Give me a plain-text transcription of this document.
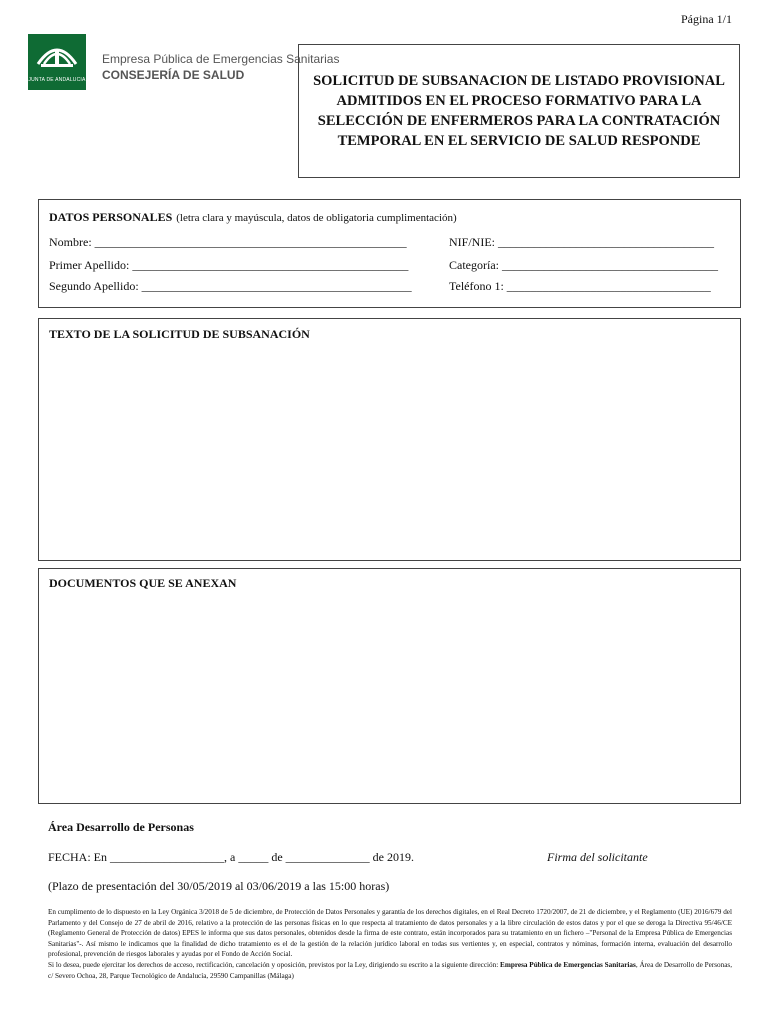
Página 1/1
JUNTA DE ANDALUCIA
Empresa Pública de Emergencias Sanitarias
CONSEJERÍA DE SALUD	SOLICITUD DE SUBSANACION DE LISTADO PROVISIONAL ADMITIDOS EN EL PROCESO FORMATIVO PARA LA SELECCIÓN DE ENFERMEROS PARA LA CONTRATACIÓN TEMPORAL EN EL SERVICIO DE SALUD RESPONDE
DATOS PERSONALES (letra clara y mayúscula, datos de obligatoria cumplimentación)
Nombre: ____________________________________________________	NIF/NIE: ____________________________________
Primer Apellido: ______________________________________________	Categoría: ____________________________________
Segundo Apellido: _____________________________________________	Teléfono 1: __________________________________
TEXTO DE LA SOLICITUD DE SUBSANACIÓN
DOCUMENTOS QUE SE ANEXAN
Área Desarrollo de Personas
FECHA: En ___________________, a _____ de ______________ de 2019.	Firma del solicitante
(Plazo de presentación del 30/05/2019 al 03/06/2019 a las 15:00 horas)
En cumplimento de lo dispuesto en la Ley Orgánica 3/2018 de 5 de diciembre, de Protección de Datos Personales y garantía de los derechos digitales, en el Real Decreto 1720/2007, de 21 de diciembre, y el Reglamento (UE) 2016/679 del Parlamento y del Consejo de 27 de abril de 2016, relativo a la protección de las personas físicas en lo que respecta al tratamiento de datos personales y a la libre circulación de estos datos y por el que se deroga la Directiva 95/46/CE (Reglamento General de Protección de datos) EPES le informa que sus datos personales, obtenidos desde la firma de este contrato, están incorporados para su tratamiento en un fichero –"Personal de la Empresa Pública de Emergencias Sanitarias"-. Así mismo le indicamos que la finalidad de dicho tratamiento es el de la gestión de la relación jurídico laboral en todas sus vertientes y, en especial, contratos y nóminas, formación interna, evaluación del desarrollo profesional, prevención de riesgos laborales y ayudas por el Fondo de Acción Social.
Si lo desea, puede ejercitar los derechos de acceso, rectificación, cancelación y oposición, previstos por la Ley, dirigiendo su escrito a la siguiente dirección: Empresa Pública de Emergencias Sanitarias, Área de Desarrollo de Personas, c/ Severo Ochoa, 28, Parque Tecnológico de Andalucía, 29590 Campanillas (Málaga)
